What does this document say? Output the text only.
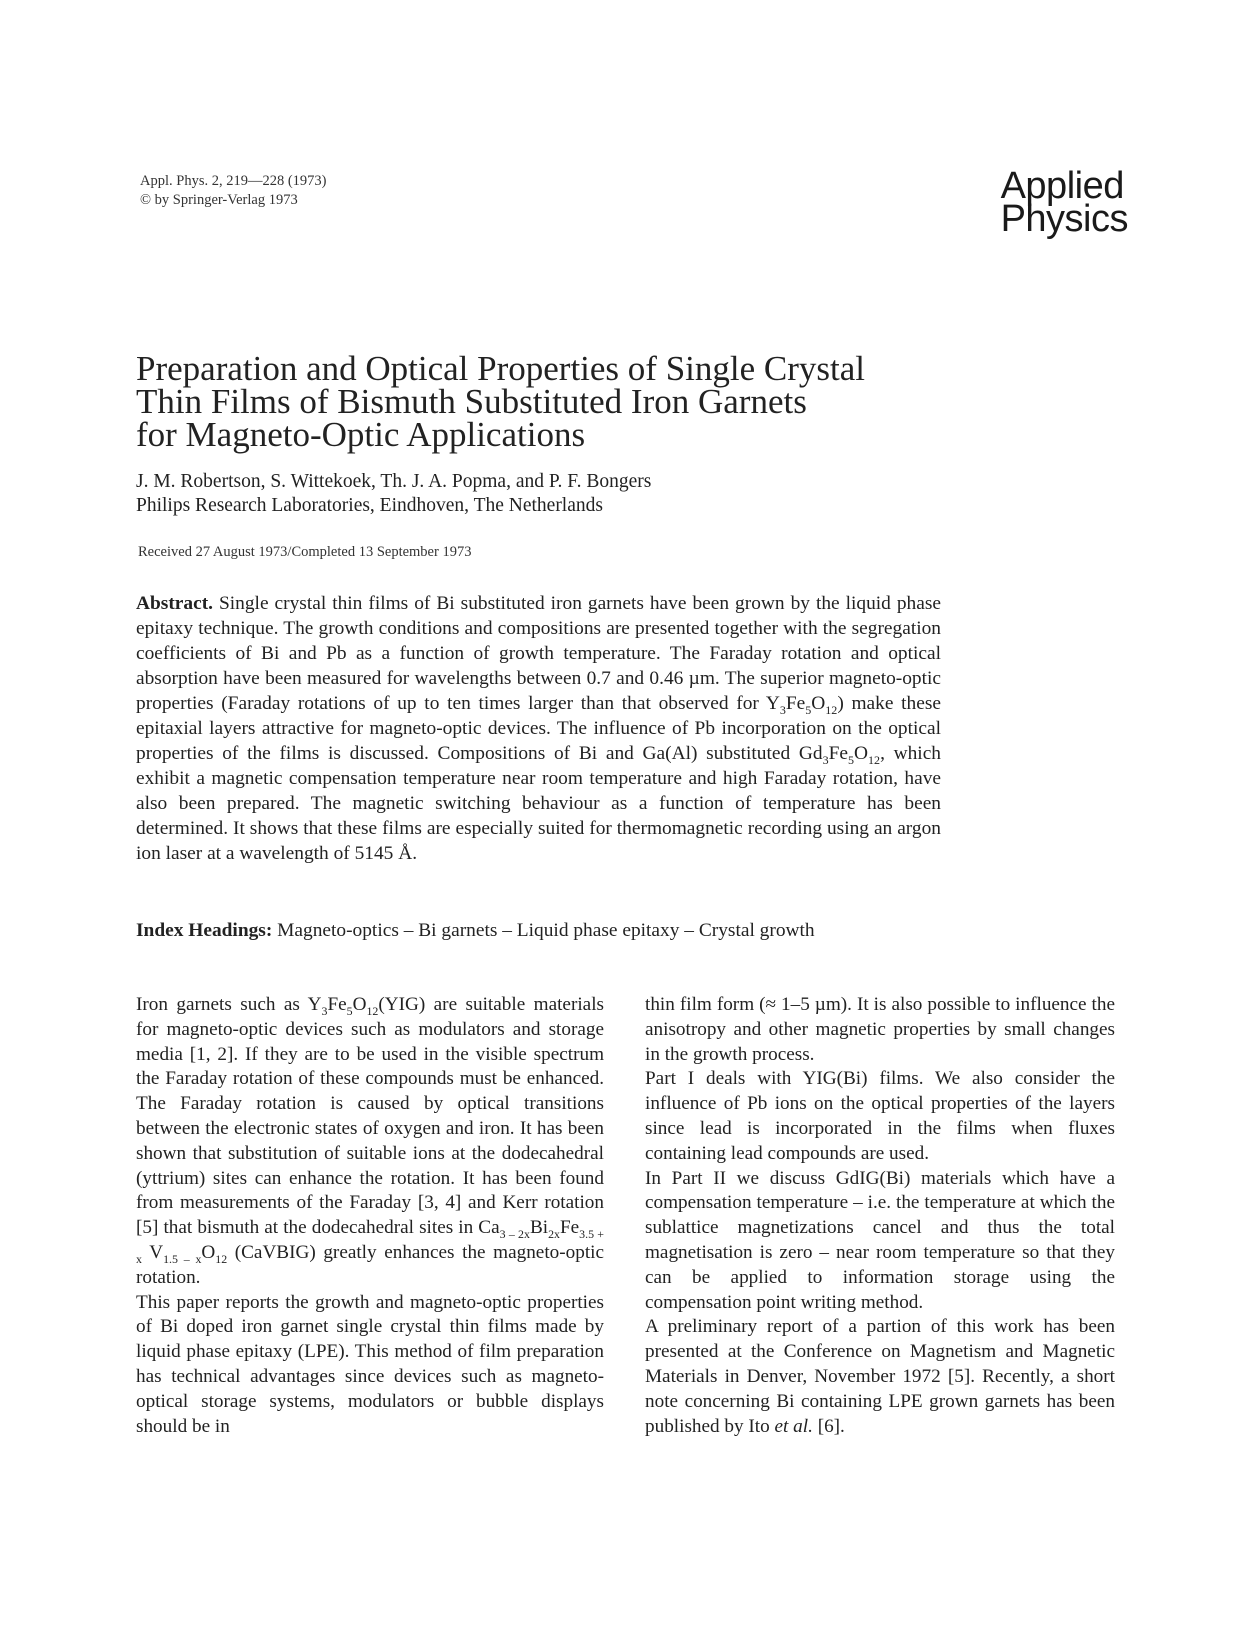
Appl. Phys. 2, 219—228 (1973)
© by Springer-Verlag 1973	Applied
Physics
Preparation and Optical Properties of Single Crystal
Thin Films of Bismuth Substituted Iron Garnets
for Magneto-Optic Applications
J. M. Robertson, S. Wittekoek, Th. J. A. Popma, and P. F. Bongers
Philips Research Laboratories, Eindhoven, The Netherlands
Received 27 August 1973/Completed 13 September 1973

Abstract. Single crystal thin films of Bi substituted iron garnets have been grown by the liquid phase epitaxy technique. The growth conditions and compositions are presented together with the segregation coefficients of Bi and Pb as a function of growth temperature. The Faraday rotation and optical absorption have been measured for wavelengths between 0.7 and 0.46 µm. The superior magneto-optic properties (Faraday rotations of up to ten times larger than that observed for $Y_3Fe_5O_{12}$) make these epitaxial layers attractive for magneto-optic devices. The influence of Pb incorporation on the optical properties of the films is discussed. Compositions of Bi and Ga(Al) substituted $Gd_3Fe_5O_{12}$, which exhibit a magnetic compensation temperature near room temperature and high Faraday rotation, have also been prepared. The magnetic switching behaviour as a function of temperature has been determined. It shows that these films are especially suited for thermomagnetic recording using an argon ion laser at a wavelength of 5145 Å.

Index Headings: Magneto-optics – Bi garnets – Liquid phase epitaxy – Crystal growth

Iron garnets such as $Y_3Fe_5O_{12}(YIG)$ are suitable materials for magneto-optic devices such as modulators and storage media [1, 2]. If they are to be used in the visible spectrum the Faraday rotation of these compounds must be enhanced. The Faraday rotation is caused by optical transitions between the electronic states of oxygen and iron. It has been shown that substitution of suitable ions at the dodecahedral (yttrium) sites can enhance the rotation. It has been found from measurements of the Faraday [3, 4] and Kerr rotation [5] that bismuth at the dodecahedral sites in $Ca_{3 - 2x}Bi_{2x}Fe_{3.5 + x}$ $V_{1.5 - x}O_{12}$ (CaVBIG) greatly enhances the magneto-optic rotation.

This paper reports the growth and magneto-optic properties of Bi doped iron garnet single crystal thin films made by liquid phase epitaxy (LPE). This method of film preparation has technical advantages since devices such as magneto-optical storage systems, modulators or bubble displays should be in

thin film form (≈ 1–5 µm). It is also possible to influence the anisotropy and other magnetic properties by small changes in the growth process.

Part I deals with YIG(Bi) films. We also consider the influence of Pb ions on the optical properties of the layers since lead is incorporated in the films when fluxes containing lead compounds are used.

In Part II we discuss GdIG(Bi) materials which have a compensation temperature – i.e. the temperature at which the sublattice magnetizations cancel and thus the total magnetisation is zero – near room temperature so that they can be applied to information storage using the compensation point writing method.

A preliminary report of a partion of this work has been presented at the Conference on Magnetism and Magnetic Materials in Denver, November 1972 [5]. Recently, a short note concerning Bi containing LPE grown garnets has been published by Ito et al. [6].
